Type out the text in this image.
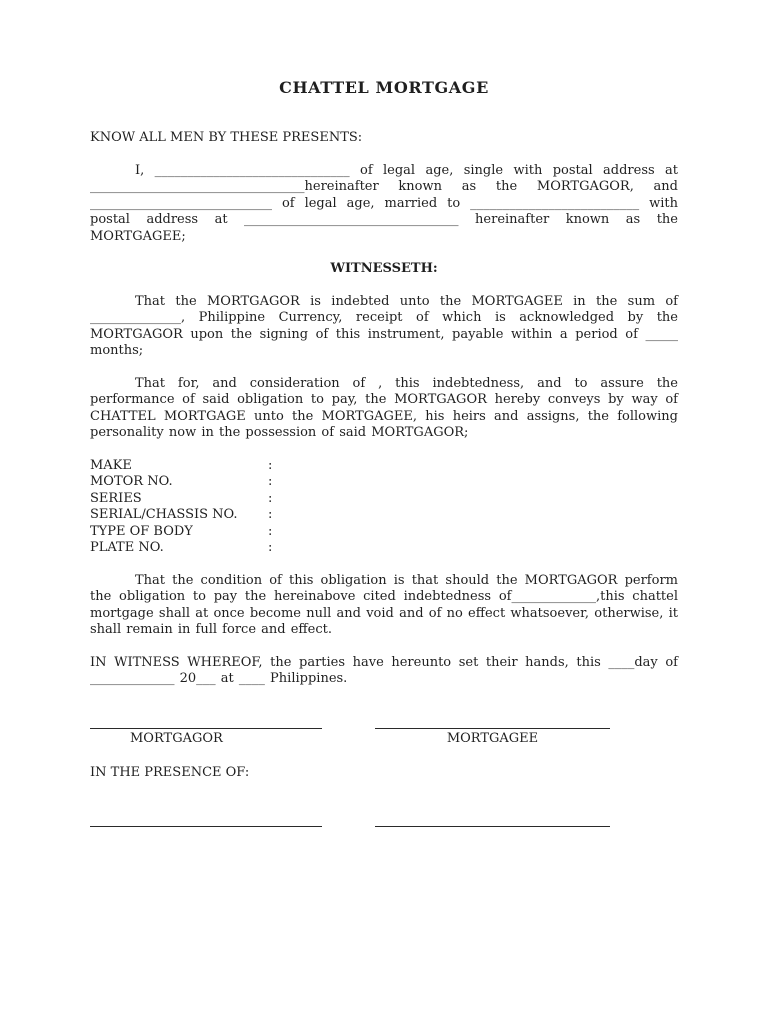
CHATTEL MORTGAGE
KNOW ALL MEN BY THESE PRESENTS:

I, ______________________________ of legal age, single with postal address at _________________________________hereinafter known as the MORTGAGOR, and ____________________________ of legal age, married to __________________________ with postal address at _________________________________ hereinafter known as the MORTGAGEE;

WITNESSETH:

That the MORTGAGOR is indebted unto the MORTGAGEE in the sum of ______________, Philippine Currency, receipt of which is acknowledged by the MORTGAGOR upon the signing of this instrument, payable within a period of _____ months;

That for, and consideration of , this indebtedness, and to assure the performance of said obligation to pay, the MORTGAGOR hereby conveys by way of CHATTEL MORTGAGE unto the MORTGAGEE, his heirs and assigns, the following personality now in the possession of said MORTGAGOR;

MAKE	:
MOTOR NO.	:
SERIES	:
SERIAL/CHASSIS NO.	:
TYPE OF BODY	:
PLATE NO.	:

That the condition of this obligation is that should the MORTGAGOR perform the obligation to pay the hereinabove cited indebtedness of_____________,this chattel mortgage shall at once become null and void and of no effect whatsoever, otherwise, it shall remain in full force and effect.

IN WITNESS WHEREOF, the parties have hereunto set their hands, this ____day of _____________ 20___ at ____ Philippines.

MORTGAGOR	MORTGAGEE
IN THE PRESENCE OF:
